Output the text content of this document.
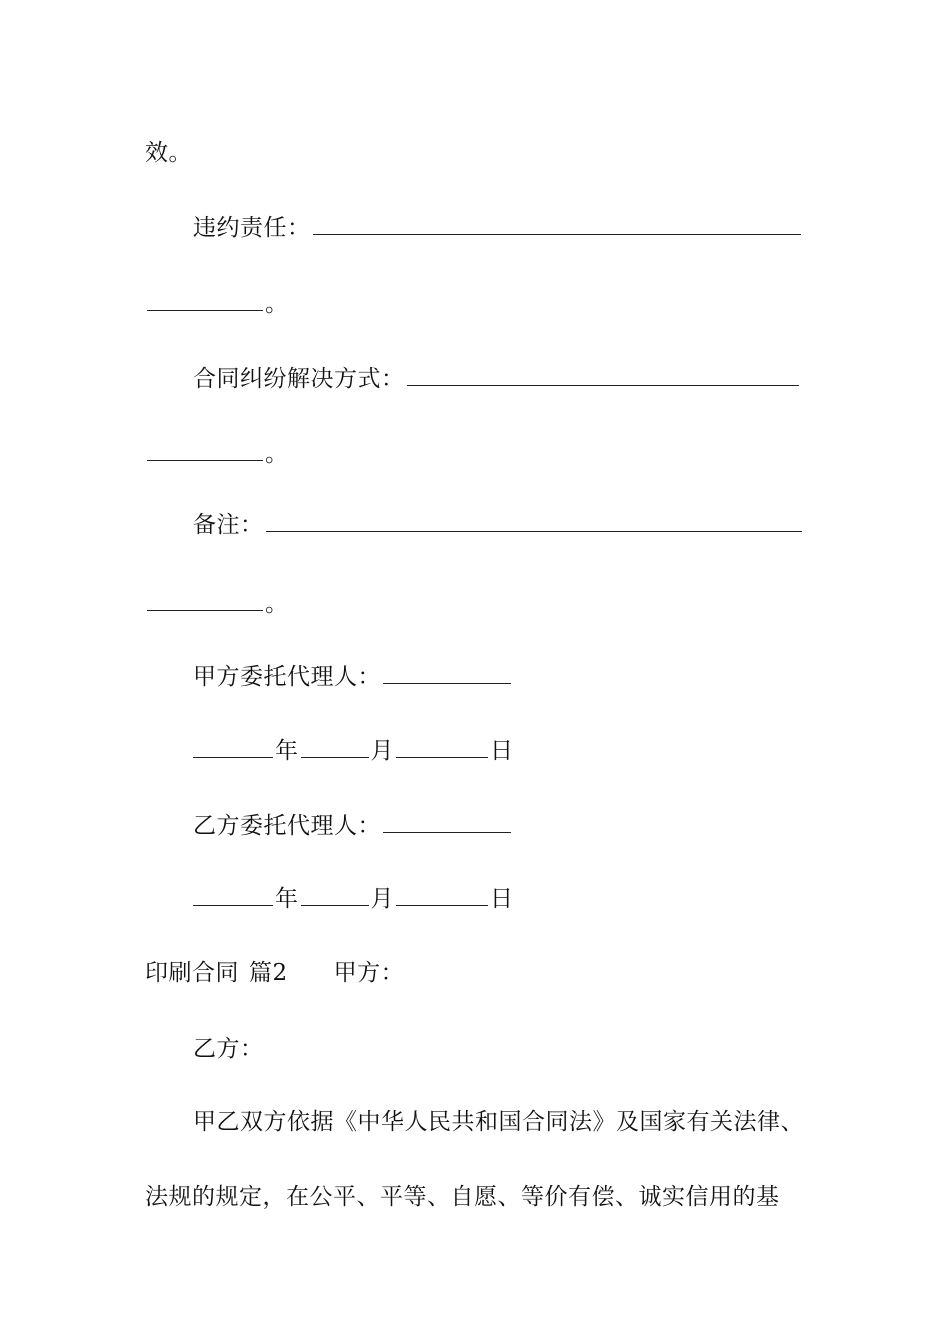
效。
违约责任：
。
合同纠纷解决方式：
。
备注：
。
甲方委托代理人：
年	月	日
乙方委托代理人：
年	月	日
印刷合同 篇2 甲方：
乙方：
甲乙双方依据《中华人民共和国合同法》及国家有关法律、
法规的规定，在公平、平等、自愿、等价有偿、诚实信用的基
